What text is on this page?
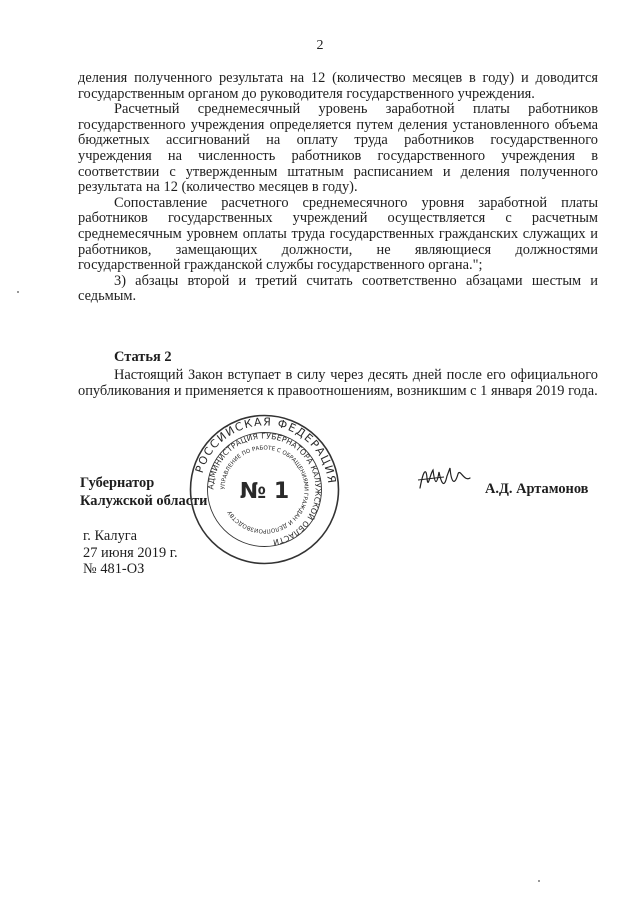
2

деления полученного результата на 12 (количество месяцев в году) и доводится государственным органом до руководителя государственного учреждения.

Расчетный среднемесячный уровень заработной платы работников государственного учреждения определяется путем деления установленного объема бюджетных ассигнований на оплату труда работников государственного учреждения на численность работников государственного учреждения в соответствии с утвержденным штатным расписанием и деления полученного результата на 12 (количество месяцев в году).

Сопоставление расчетного среднемесячного уровня заработной платы работников государственных учреждений осуществляется с расчетным среднемесячным уровнем оплаты труда государственных гражданских служащих и работников, замещающих должности, не являющиеся должностями государственной гражданской службы государственного органа.";

3) абзацы второй и третий считать соответственно абзацами шестым и седьмым.

Статья 2

Настоящий Закон вступает в силу через десять дней после его официального опубликования и применяется к правоотношениям, возникшим с 1 января 2019 года.

Губернатор
Калужской области
РОССИЙСКАЯ ФЕДЕРАЦИЯ
АДМИНИСТРАЦИЯ ГУБЕРНАТОРА КАЛУЖСКОЙ ОБЛАСТИ
УПРАВЛЕНИЕ ПО РАБОТЕ С ОБРАЩЕНИЯМИ ГРАЖДАН И ДЕЛОПРОИЗВОДСТВУ
№ 1	А.Д. Артамонов
г. Калуга
27 июня 2019 г.
№ 481-ОЗ
